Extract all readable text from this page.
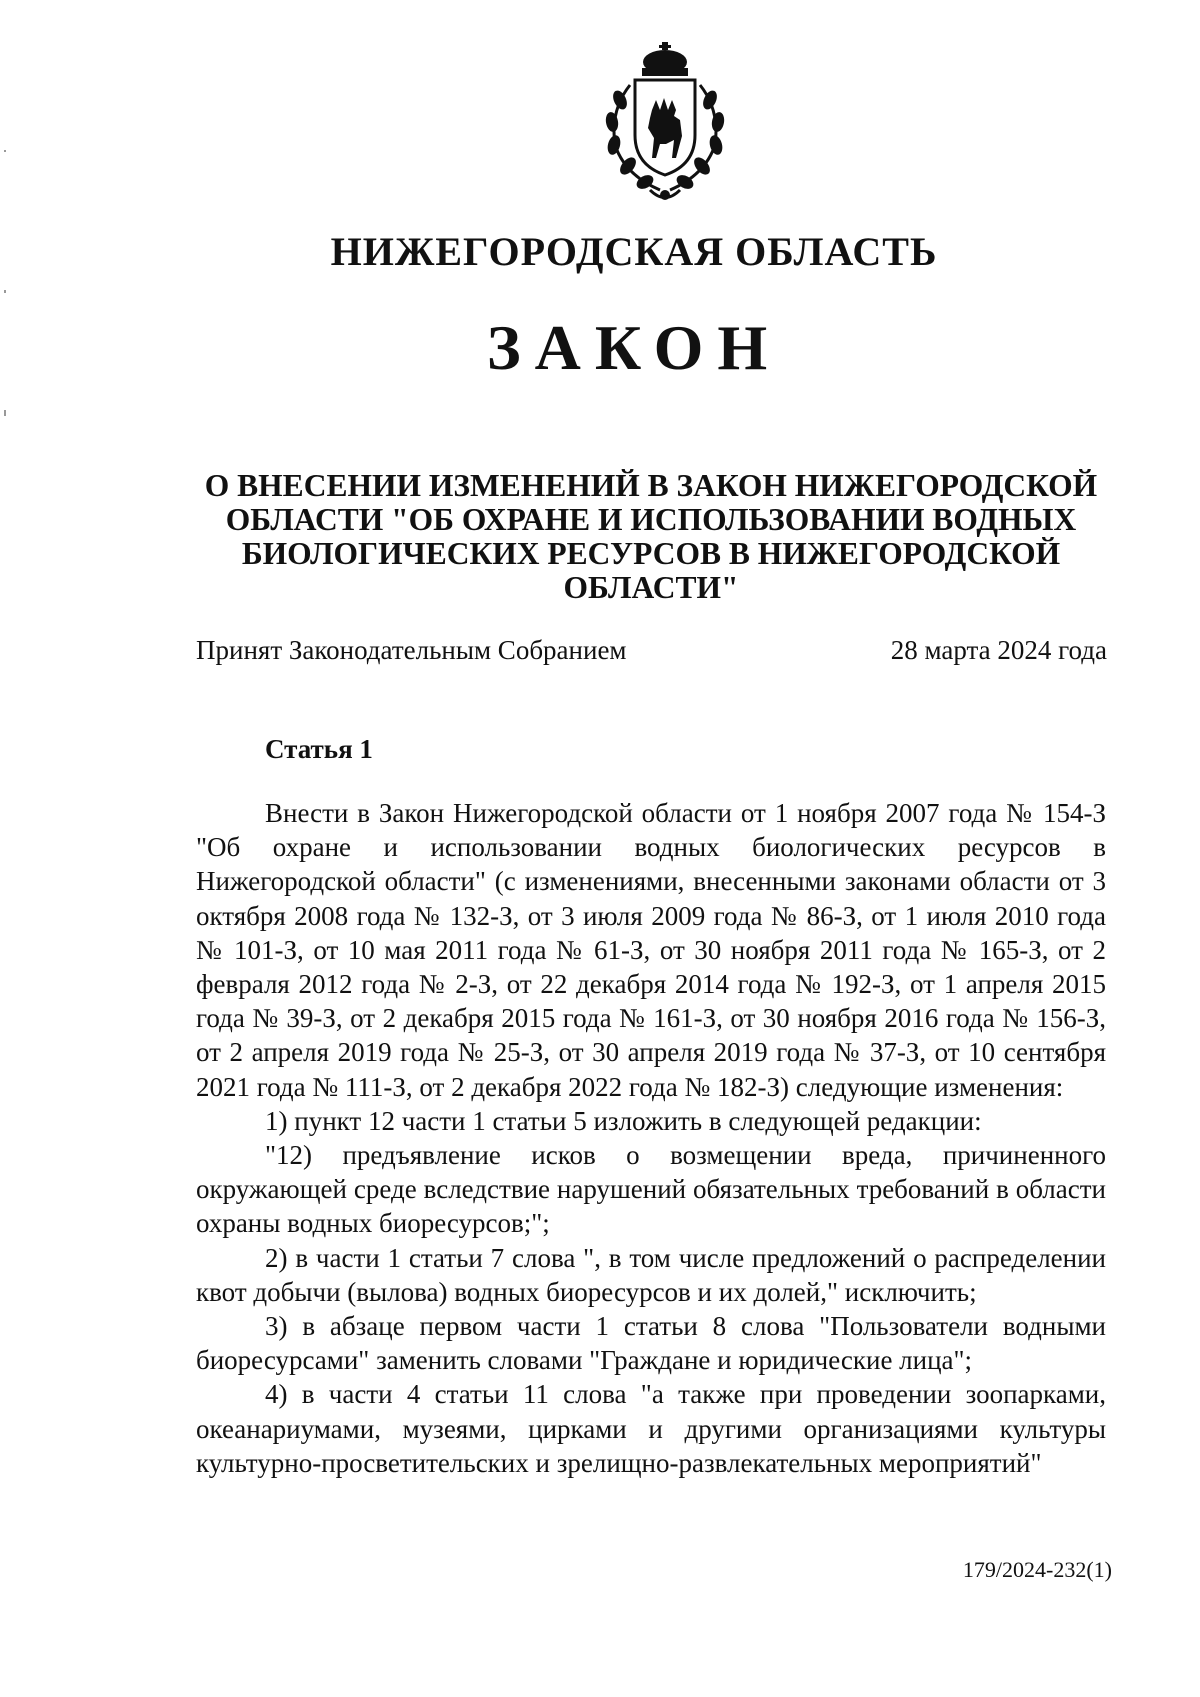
НИЖЕГОРОДСКАЯ ОБЛАСТЬ
ЗАКОН
О ВНЕСЕНИИ ИЗМЕНЕНИЙ В ЗАКОН НИЖЕГОРОДСКОЙ ОБЛАСТИ "ОБ ОХРАНЕ И ИСПОЛЬЗОВАНИИ ВОДНЫХ БИОЛОГИЧЕСКИХ РЕСУРСОВ В НИЖЕГОРОДСКОЙ ОБЛАСТИ"
Принят Законодательным Собранием	28 марта 2024 года
Статья 1

Внести в Закон Нижегородской области от 1 ноября 2007 года № 154-З "Об охране и использовании водных биологических ресурсов в Нижегородской области" (с изменениями, внесенными законами области от 3 октября 2008 года № 132-З, от 3 июля 2009 года № 86-З, от 1 июля 2010 года № 101-З, от 10 мая 2011 года № 61-З, от 30 ноября 2011 года № 165-З, от 2 февраля 2012 года № 2-З, от 22 декабря 2014 года № 192-З, от 1 апреля 2015 года № 39-З, от 2 декабря 2015 года № 161-З, от 30 ноября 2016 года № 156-З, от 2 апреля 2019 года № 25-З, от 30 апреля 2019 года № 37-З, от 10 сентября 2021 года № 111-З, от 2 декабря 2022 года № 182-З) следующие изменения:

1) пункт 12 части 1 статьи 5 изложить в следующей редакции:

"12) предъявление исков о возмещении вреда, причиненного окружающей среде вследствие нарушений обязательных требований в области охраны водных биоресурсов;";

2) в части 1 статьи 7 слова ", в том числе предложений о распределении квот добычи (вылова) водных биоресурсов и их долей," исключить;

3) в абзаце первом части 1 статьи 8 слова "Пользователи водными биоресурсами" заменить словами "Граждане и юридические лица";

4) в части 4 статьи 11 слова "а также при проведении зоопарками, океанариумами, музеями, цирками и другими организациями культуры культурно-просветительских и зрелищно-развлекательных мероприятий"

179/2024-232(1)
